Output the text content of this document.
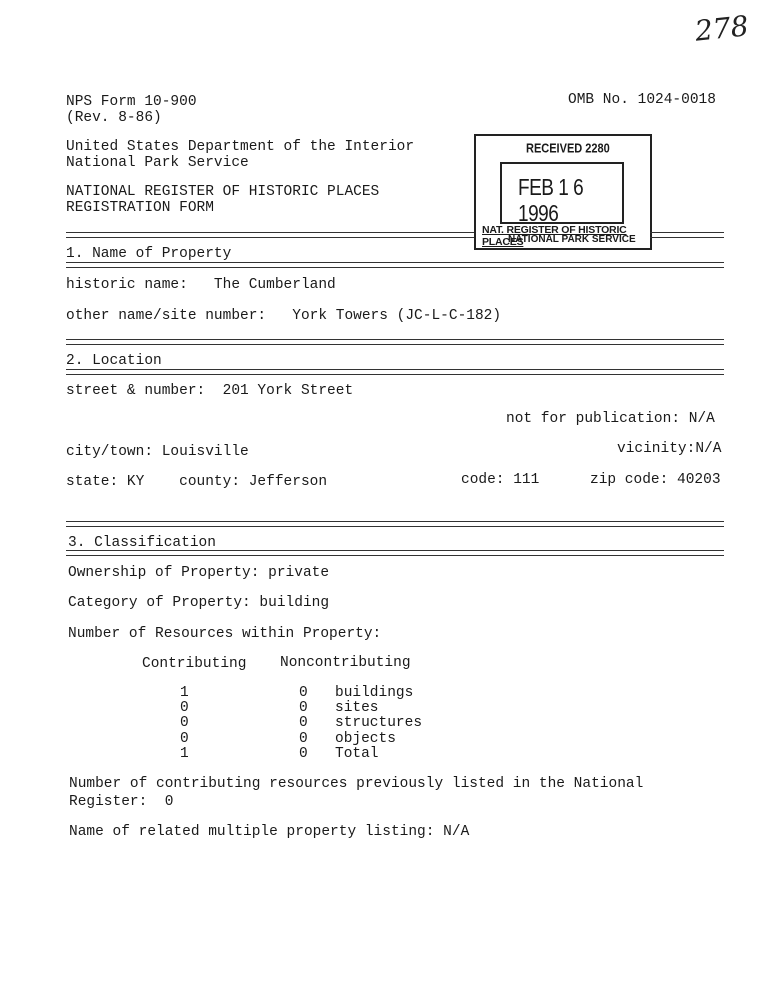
278
NPS Form 10-900
(Rev. 8-86)
OMB No. 1024-0018
United States Department of the Interior
National Park Service
NATIONAL REGISTER OF HISTORIC PLACES
REGISTRATION FORM
RECEIVED 2280
FEB 1 6 1996
NAT. REGISTER OF HISTORIC PLACES
NATIONAL PARK SERVICE
1. Name of Property
historic name:   The Cumberland
other name/site number:   York Towers (JC-L-C-182)
2. Location
street & number:  201 York Street
not for publication: N/A
city/town: Louisville	vicinity:N/A
state: KY    county: Jefferson	code: 111	zip code: 40203
3. Classification
Ownership of Property: private
Category of Property: building
Number of Resources within Property:
Contributing Noncontributing
1	0 buildings
0	0 sites
0	0 structures
0	0 objects
1	0 Total
Number of contributing resources previously listed in the National
Register:  0
Name of related multiple property listing: N/A
